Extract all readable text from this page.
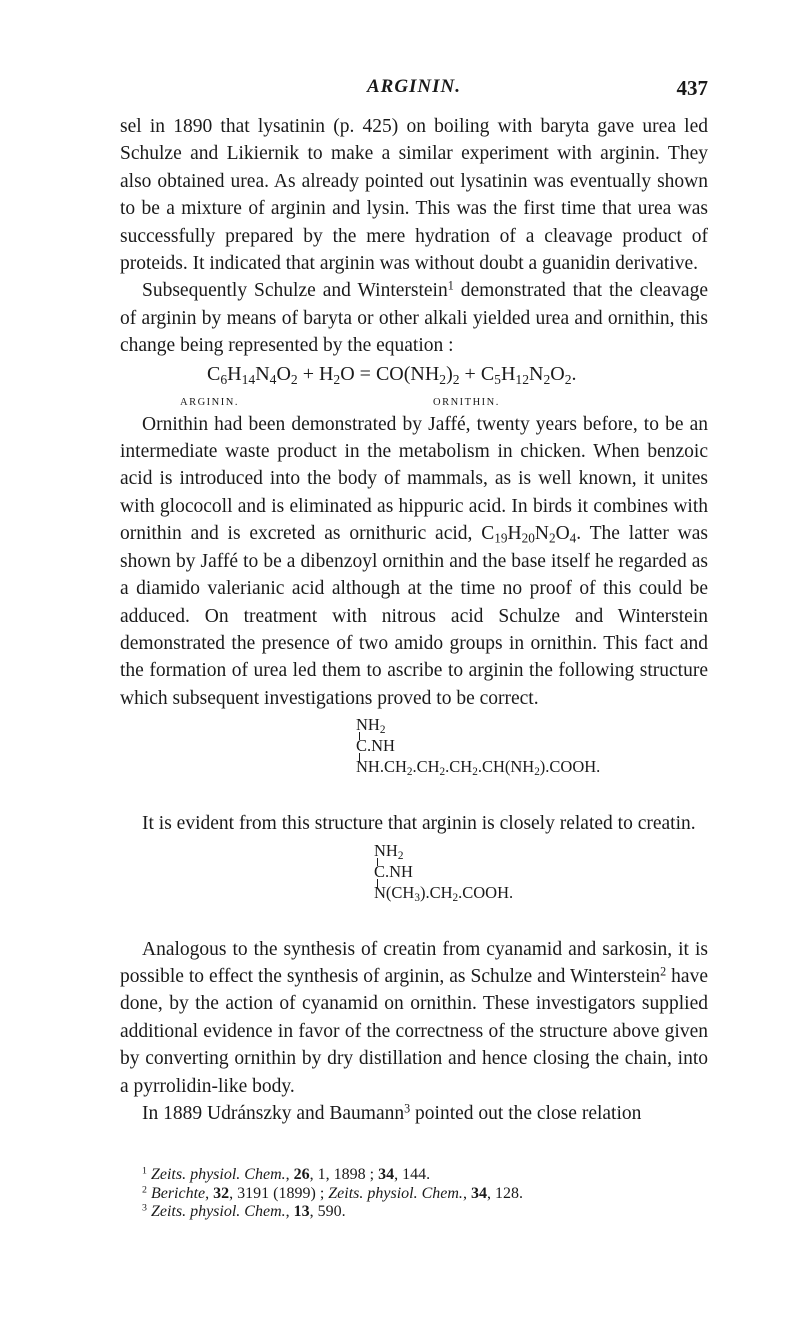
ARGININ.	437

sel in 1890 that lysatinin (p. 425) on boiling with baryta gave urea led Schulze and Likiernik to make a similar experiment with arginin. They also obtained urea. As already pointed out lysatinin was eventually shown to be a mixture of arginin and lysin. This was the first time that urea was successfully prepared by the mere hydration of a cleavage product of proteids. It indicated that arginin was without doubt a guanidin derivative.

Subsequently Schulze and Winterstein$^1$ demonstrated that the cleavage of arginin by means of baryta or other alkali yielded urea and ornithin, this change being represented by the equation :

$C_6H_{14}N_4O_2 + H_2O = CO(NH_2)_2 + C_5H_{12}N_2O_2$.
ARGININ.	ORNITHIN.

Ornithin had been demonstrated by Jaffé, twenty years before, to be an intermediate waste product in the metabolism in chicken. When benzoic acid is introduced into the body of mammals, as is well known, it unites with glococoll and is eliminated as hippuric acid. In birds it combines with ornithin and is excreted as ornithuric acid, $C_{19}H_{20}N_2O_4$. The latter was shown by Jaffé to be a dibenzoyl ornithin and the base itself he regarded as a diamido valerianic acid although at the time no proof of this could be adduced. On treatment with nitrous acid Schulze and Winterstein demonstrated the presence of two amido groups in ornithin. This fact and the formation of urea led them to ascribe to arginin the following structure which subsequent investigations proved to be correct.

$NH_2$
C.NH
$NH.CH_2.CH_2.CH_2.CH(NH_2).COOH$.

It is evident from this structure that arginin is closely related to creatin.

$NH_2$
C.NH
$N(CH_3).CH_2.COOH$.

Analogous to the synthesis of creatin from cyanamid and sarkosin, it is possible to effect the synthesis of arginin, as Schulze and Winterstein$^2$ have done, by the action of cyanamid on ornithin. These investigators supplied additional evidence in favor of the correctness of the structure above given by converting ornithin by dry distillation and hence closing the chain, into a pyrrolidin-like body.

In 1889 Udránszky and Baumann$^3$ pointed out the close relation

$^1$ Zeits. physiol. Chem., 26, 1, 1898 ; 34, 144.

$^2$ Berichte, 32, 3191 (1899) ; Zeits. physiol. Chem., 34, 128.

$^3$ Zeits. physiol. Chem., 13, 590.
